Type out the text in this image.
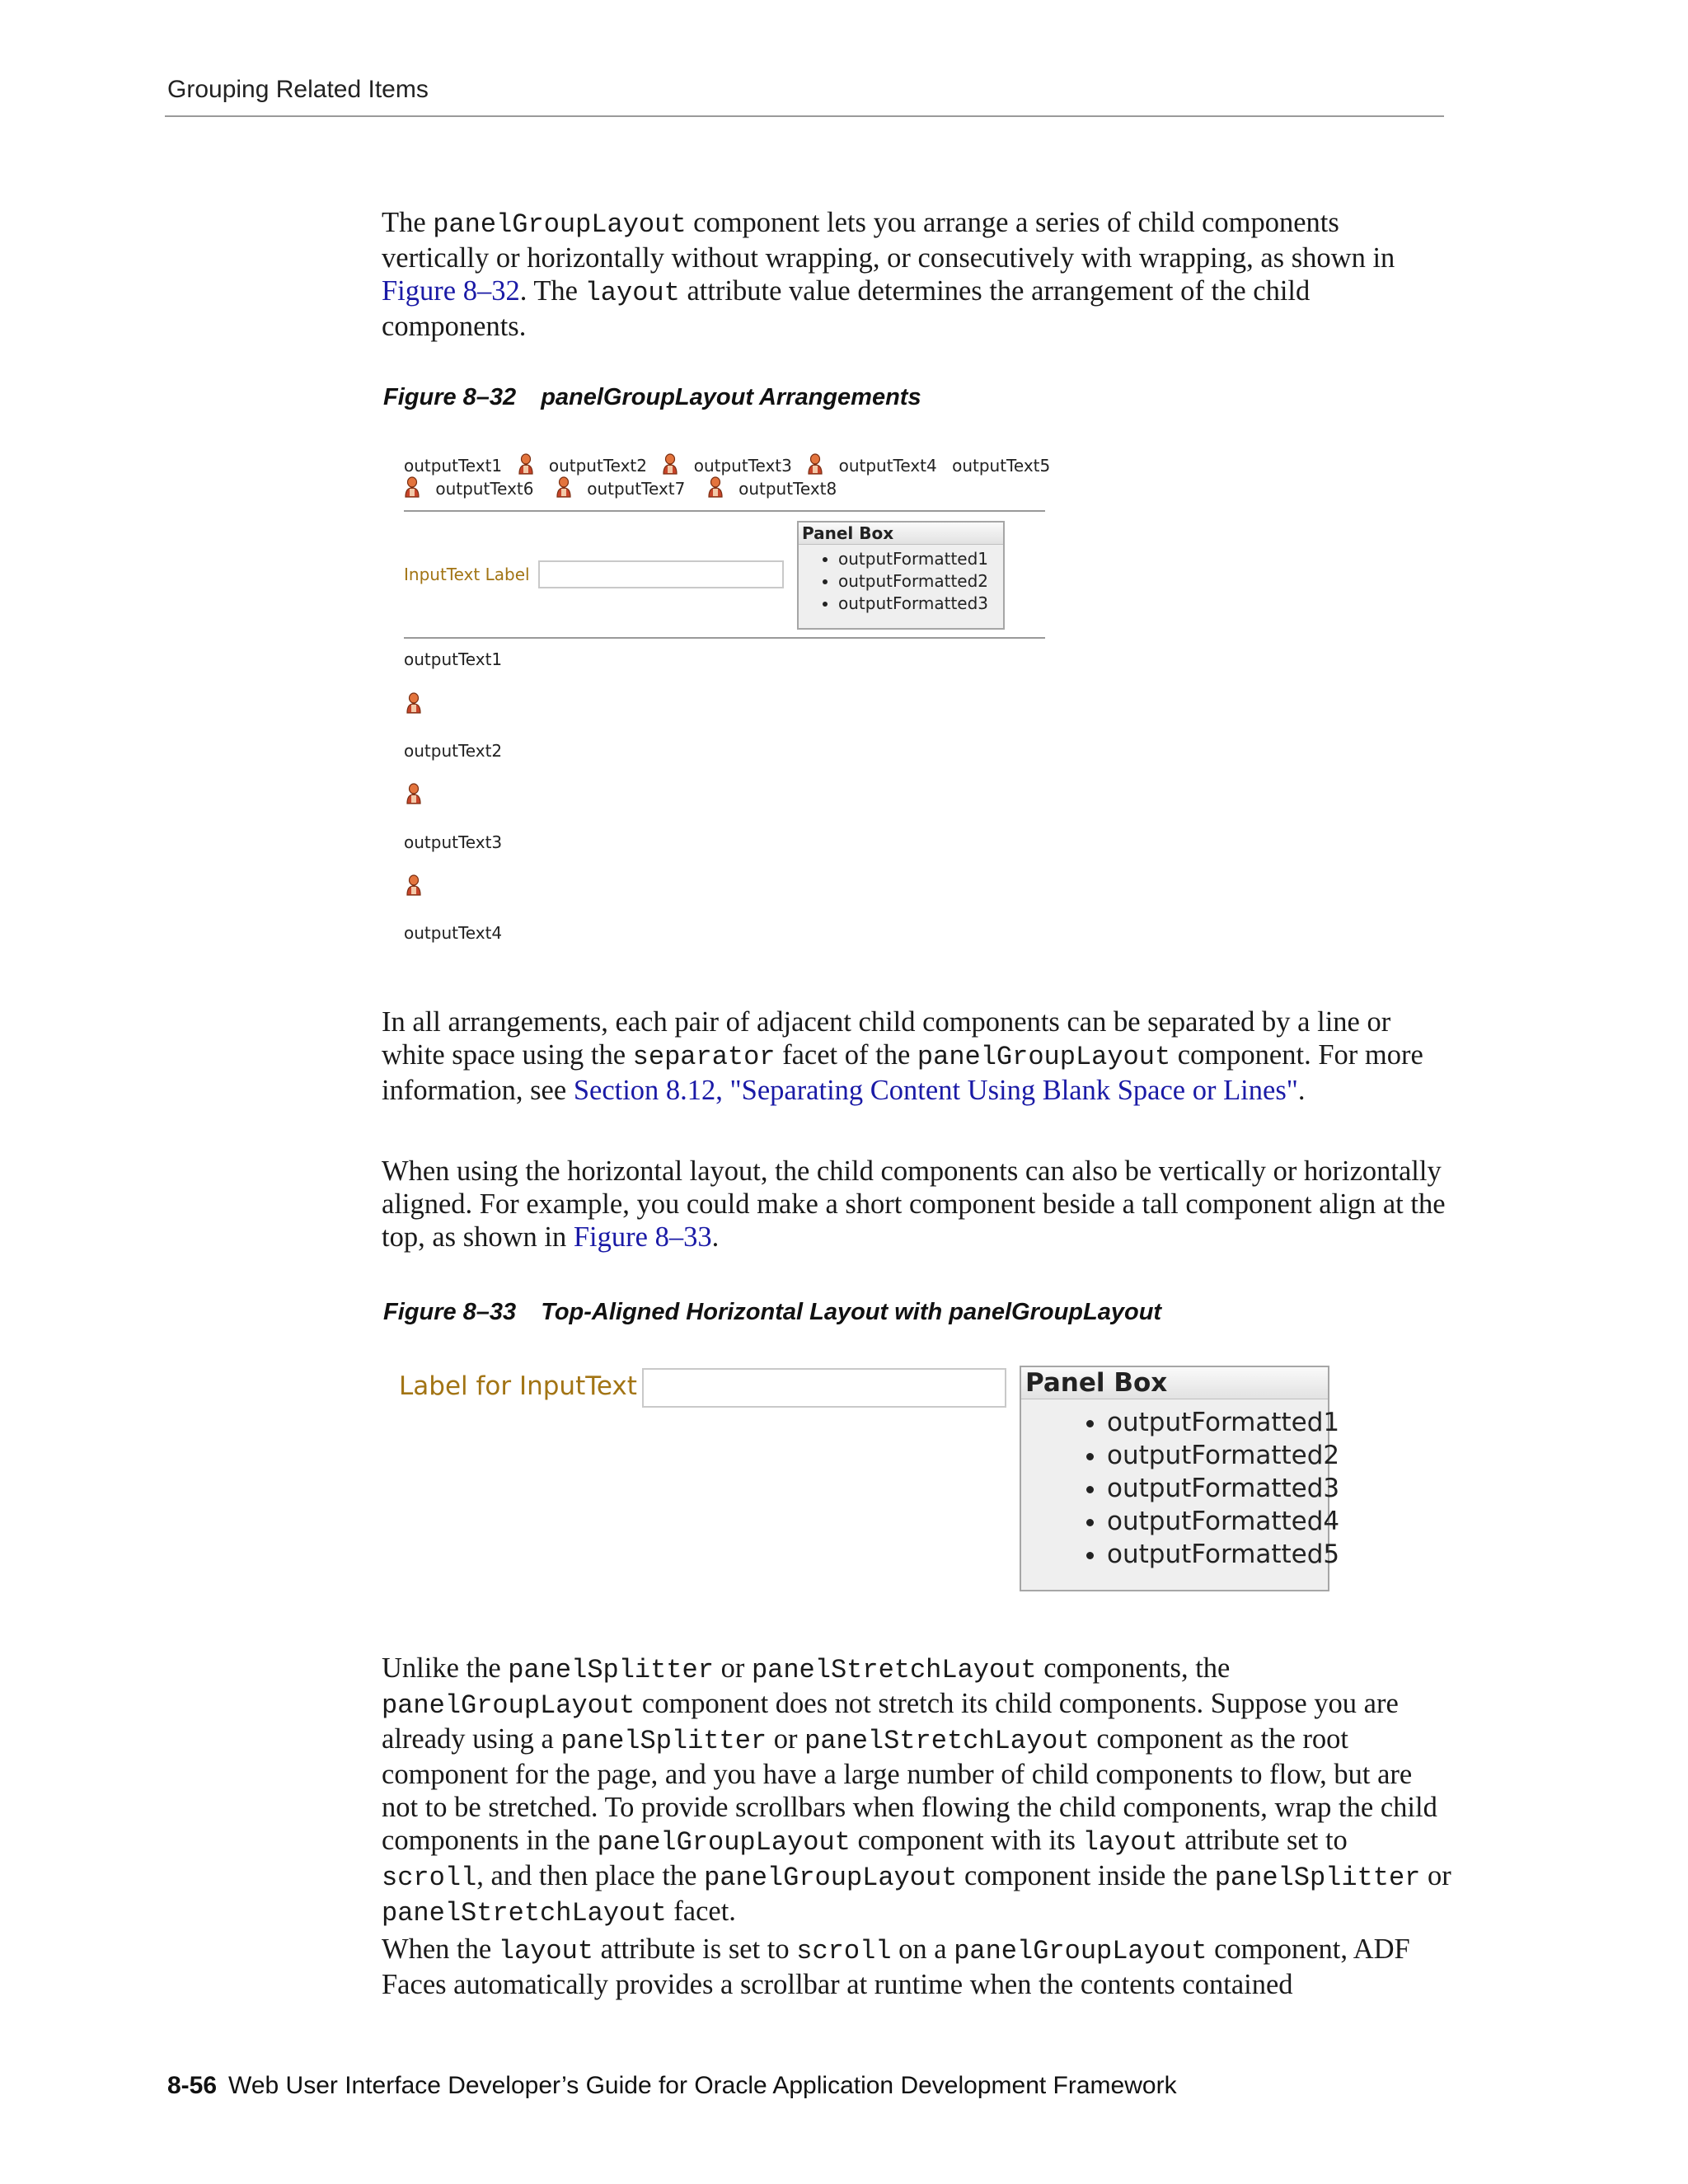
Grouping Related Items

The panelGroupLayout component lets you arrange a series of child components vertically or horizontally without wrapping, or consecutively with wrapping, as shown in Figure 8–32. The layout attribute value determines the arrangement of the child components.

Figure 8–32 panelGroupLayout Arrangements
outputText1	outputText2	outputText3	outputText4 outputText5
outputText6	outputText7	outputText8
InputText Label
Panel Box
• outputFormatted1
• outputFormatted2
• outputFormatted3
outputText1
outputText2
outputText3
outputText4

In all arrangements, each pair of adjacent child components can be separated by a line or white space using the separator facet of the panelGroupLayout component. For more information, see Section 8.12, "Separating Content Using Blank Space or Lines".

When using the horizontal layout, the child components can also be vertically or horizontally aligned. For example, you could make a short component beside a tall component align at the top, as shown in Figure 8–33.

Figure 8–33 Top-Aligned Horizontal Layout with panelGroupLayout
Label for InputText	Panel Box
• outputFormatted1
• outputFormatted2
• outputFormatted3
• outputFormatted4
• outputFormatted5

Unlike the panelSplitter or panelStretchLayout components, the panelGroupLayout component does not stretch its child components. Suppose you are already using a panelSplitter or panelStretchLayout component as the root component for the page, and you have a large number of child components to flow, but are not to be stretched. To provide scrollbars when flowing the child components, wrap the child components in the panelGroupLayout component with its layout attribute set to scroll, and then place the panelGroupLayout component inside the panelSplitter or panelStretchLayout facet.

When the layout attribute is set to scroll on a panelGroupLayout component, ADF Faces automatically provides a scrollbar at runtime when the contents contained

8-56 Web User Interface Developer’s Guide for Oracle Application Development Framework
